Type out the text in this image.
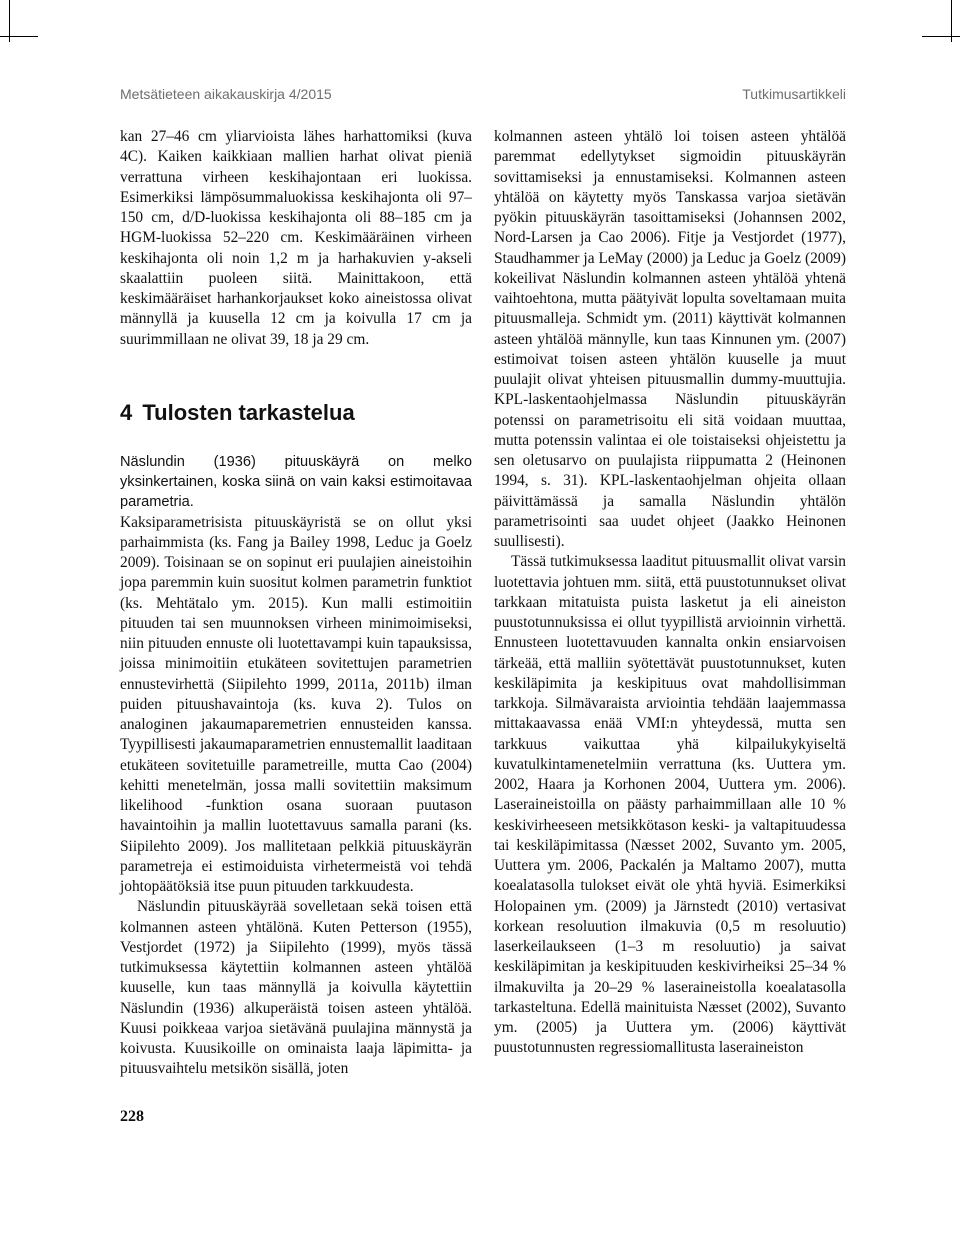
Metsätieteen aikakauskirja 4/2015	Tutkimusartikkeli

kan 27–46 cm yliarvioista lähes harhattomiksi (kuva 4C). Kaiken kaikkiaan mallien harhat olivat pieniä verrattuna virheen keskihajontaan eri luokissa. Esimerkiksi lämpösummaluokissa keskihajonta oli 97–150 cm, d/D-luokissa keskihajonta oli 88–185 cm ja HGM-luokissa 52–220 cm. Keskimääräinen virheen keskihajonta oli noin 1,2 m ja harhakuvien y-akseli skaalattiin puoleen siitä. Mainittakoon, että keskimääräiset harhankorjaukset koko aineistossa olivat männyllä ja kuusella 12 cm ja koivulla 17 cm ja suurimmillaan ne olivat 39, 18 ja 29 cm.

4 Tulosten tarkastelua

Näslundin (1936) pituuskäyrä on melko yksinkertainen, koska siinä on vain kaksi estimoitavaa parametria.

Kaksiparametrisista pituuskäyristä se on ollut yksi parhaimmista (ks. Fang ja Bailey 1998, Leduc ja Goelz 2009). Toisinaan se on sopinut eri puulajien aineistoihin jopa paremmin kuin suositut kolmen parametrin funktiot (ks. Mehtätalo ym. 2015). Kun malli estimoitiin pituuden tai sen muunnoksen virheen minimoimiseksi, niin pituuden ennuste oli luotettavampi kuin tapauksissa, joissa minimoitiin etukäteen sovitettujen parametrien ennustevirhettä (Siipilehto 1999, 2011a, 2011b) ilman puiden pituushavaintoja (ks. kuva 2). Tulos on analoginen jakaumaparemetrien ennusteiden kanssa. Tyypillisesti jakaumaparametrien ennustemallit laaditaan etukäteen sovitetuille parametreille, mutta Cao (2004) kehitti menetelmän, jossa malli sovitettiin maksimum likelihood -funktion osana suoraan puutason havaintoihin ja mallin luotettavuus samalla parani (ks. Siipilehto 2009). Jos mallitetaan pelkkiä pituuskäyrän parametreja ei estimoiduista virhetermeistä voi tehdä johtopäätöksiä itse puun pituuden tarkkuudesta.

Näslundin pituuskäyrää sovelletaan sekä toisen että kolmannen asteen yhtälönä. Kuten Petterson (1955), Vestjordet (1972) ja Siipilehto (1999), myös tässä tutkimuksessa käytettiin kolmannen asteen yhtälöä kuuselle, kun taas männyllä ja koivulla käytettiin Näslundin (1936) alkuperäistä toisen asteen yhtälöä. Kuusi poikkeaa varjoa sietävänä puulajina männystä ja koivusta. Kuusikoille on ominaista laaja läpimitta- ja pituusvaihtelu metsikön sisällä, joten

kolmannen asteen yhtälö loi toisen asteen yhtälöä paremmat edellytykset sigmoidin pituuskäyrän sovittamiseksi ja ennustamiseksi. Kolmannen asteen yhtälöä on käytetty myös Tanskassa varjoa sietävän pyökin pituuskäyrän tasoittamiseksi (Johannsen 2002, Nord-Larsen ja Cao 2006). Fitje ja Vestjordet (1977), Staudhammer ja LeMay (2000) ja Leduc ja Goelz (2009) kokeilivat Näslundin kolmannen asteen yhtälöä yhtenä vaihtoehtona, mutta päätyivät lopulta soveltamaan muita pituusmalleja. Schmidt ym. (2011) käyttivät kolmannen asteen yhtälöä männylle, kun taas Kinnunen ym. (2007) estimoivat toisen asteen yhtälön kuuselle ja muut puulajit olivat yhteisen pituusmallin dummy-muuttujia. KPL-laskentaohjelmassa Näslundin pituuskäyrän potenssi on parametrisoitu eli sitä voidaan muuttaa, mutta potenssin valintaa ei ole toistaiseksi ohjeistettu ja sen oletusarvo on puulajista riippumatta 2 (Heinonen 1994, s. 31). KPL-laskentaohjelman ohjeita ollaan päivittämässä ja samalla Näslundin yhtälön parametrisointi saa uudet ohjeet (Jaakko Heinonen suullisesti).

Tässä tutkimuksessa laaditut pituusmallit olivat varsin luotettavia johtuen mm. siitä, että puustotunnukset olivat tarkkaan mitatuista puista lasketut ja eli aineiston puustotunnuksissa ei ollut tyypillistä arvioinnin virhettä. Ennusteen luotettavuuden kannalta onkin ensiarvoisen tärkeää, että malliin syötettävät puustotunnukset, kuten keskiläpimita ja keskipituus ovat mahdollisimman tarkkoja. Silmävaraista arviointia tehdään laajemmassa mittakaavassa enää VMI:n yhteydessä, mutta sen tarkkuus vaikuttaa yhä kilpailukykyiseltä kuvatulkintamenetelmiin verrattuna (ks. Uuttera ym. 2002, Haara ja Korhonen 2004, Uuttera ym. 2006). Laseraineistoilla on päästy parhaimmillaan alle 10 % keskivirheeseen metsikkötason keski- ja valtapituudessa tai keskiläpimitassa (Næsset 2002, Suvanto ym. 2005, Uuttera ym. 2006, Packalén ja Maltamo 2007), mutta koealatasolla tulokset eivät ole yhtä hyviä. Esimerkiksi Holopainen ym. (2009) ja Järnstedt (2010) vertasivat korkean resoluution ilmakuvia (0,5 m resoluutio) laserkeilaukseen (1–3 m resoluutio) ja saivat keskiläpimitan ja keskipituuden keskivirheiksi 25–34 % ilmakuvilta ja 20–29 % laseraineistolla koealatasolla tarkasteltuna. Edellä mainituista Næsset (2002), Suvanto ym. (2005) ja Uuttera ym. (2006) käyttivät puustotunnusten regressiomallitusta laseraineiston

228
